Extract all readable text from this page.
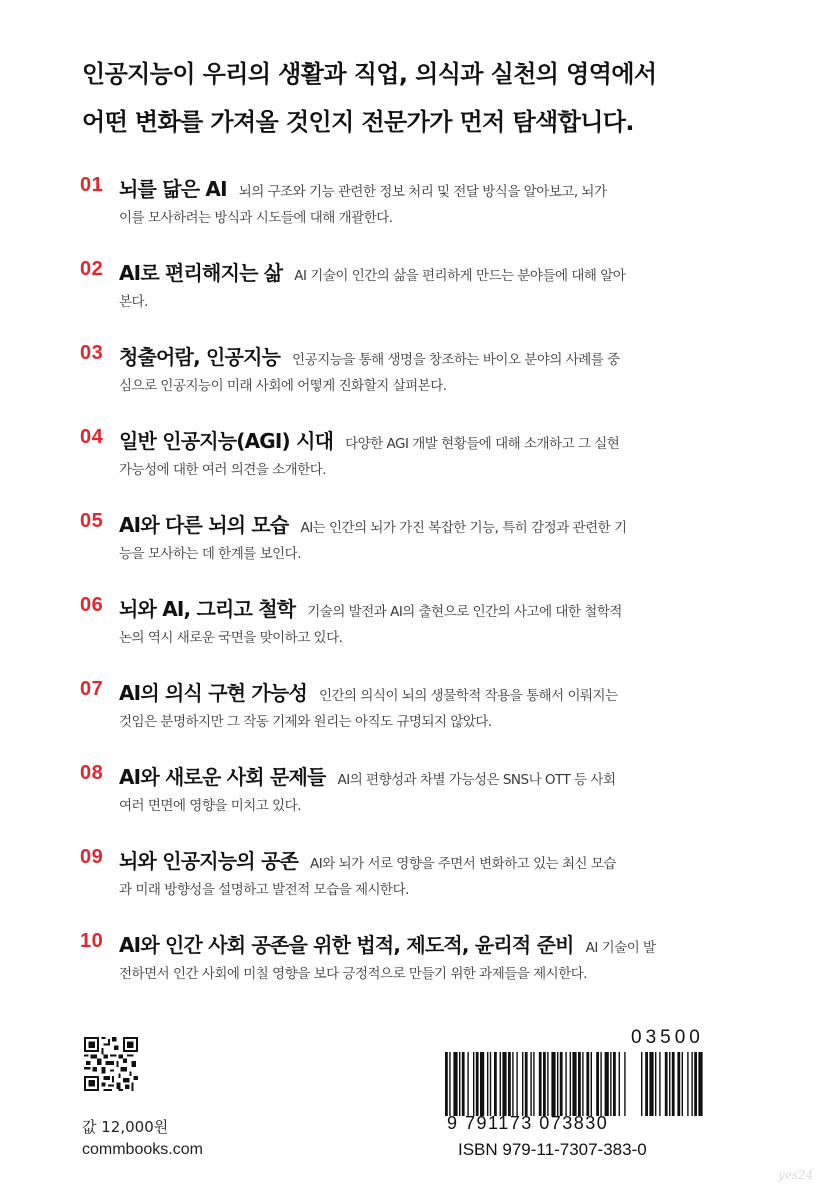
인공지능이 우리의 생활과 직업, 의식과 실천의 영역에서
어떤 변화를 가져올 것인지 전문가가 먼저 탐색합니다.
01 뇌를 닮은 AI 뇌의 구조와 기능 관련한 정보 처리 및 전달 방식을 알아보고, 뇌가
이를 모사하려는 방식과 시도들에 대해 개괄한다.
02 AI로 편리해지는 삶 AI 기술이 인간의 삶을 편리하게 만드는 분야들에 대해 알아
본다.
03 청출어람, 인공지능 인공지능을 통해 생명을 창조하는 바이오 분야의 사례를 중
심으로 인공지능이 미래 사회에 어떻게 진화할지 살펴본다.
04 일반 인공지능(AGI) 시대 다양한 AGI 개발 현황들에 대해 소개하고 그 실현
가능성에 대한 여러 의견을 소개한다.
05 AI와 다른 뇌의 모습 AI는 인간의 뇌가 가진 복잡한 기능, 특히 감정과 관련한 기
능을 모사하는 데 한계를 보인다.
06 뇌와 AI, 그리고 철학 기술의 발전과 AI의 출현으로 인간의 사고에 대한 철학적
논의 역시 새로운 국면을 맞이하고 있다.
07 AI의 의식 구현 가능성 인간의 의식이 뇌의 생물학적 작용을 통해서 이뤄지는
것임은 분명하지만 그 작동 기제와 원리는 아직도 규명되지 않았다.
08 AI와 새로운 사회 문제들 AI의 편향성과 차별 가능성은 SNS나 OTT 등 사회
여러 면면에 영향을 미치고 있다.
09 뇌와 인공지능의 공존 AI와 뇌가 서로 영향을 주면서 변화하고 있는 최신 모습
과 미래 방향성을 설명하고 발전적 모습을 제시한다.
10 AI와 인간 사회 공존을 위한 법적, 제도적, 윤리적 준비 AI 기술이 발
전하면서 인간 사회에 미칠 영향을 보다 긍정적으로 만들기 위한 과제들을 제시한다.
값 12,000원
commbooks.com
03500
9 791173 073830
ISBN 979-11-7307-383-0
yes24
